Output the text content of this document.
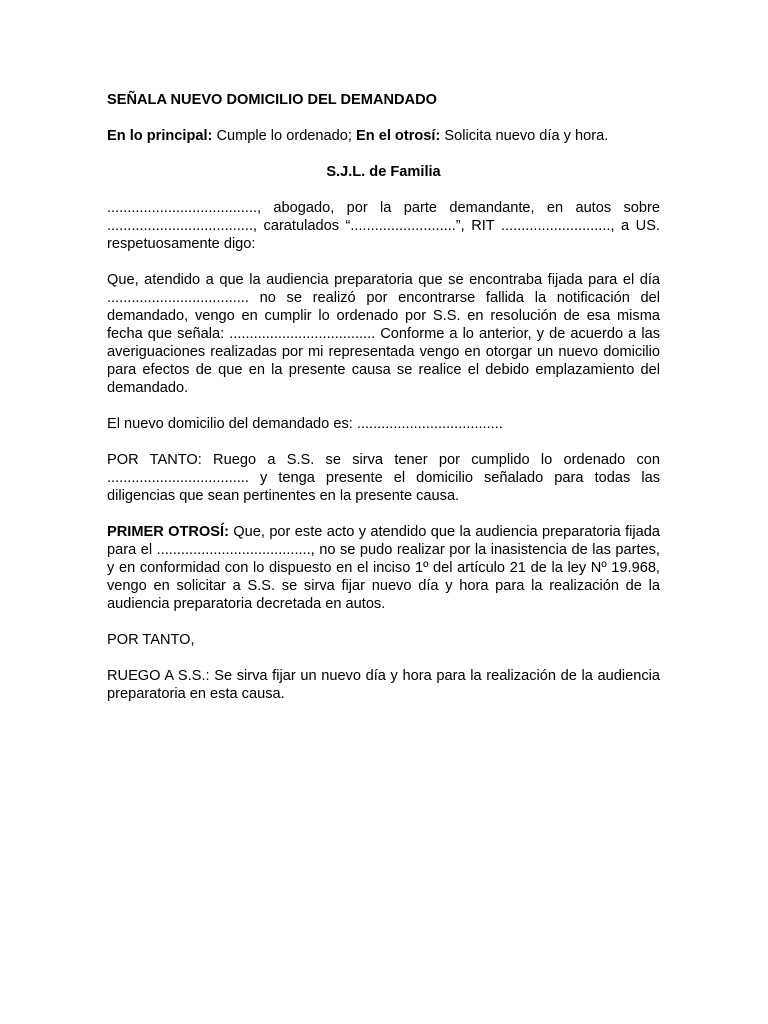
SEÑALA NUEVO DOMICILIO DEL DEMANDADO

En lo principal: Cumple lo ordenado; En el otrosí: Solicita nuevo día y hora.

S.J.L. de Familia

....................................., abogado, por la parte demandante, en autos sobre ...................................., caratulados “..........................”, RIT ..........................., a US. respetuosamente digo:

Que, atendido a que la audiencia preparatoria que se encontraba fijada para el día ................................... no se realizó por encontrarse fallida la notificación del demandado, vengo en cumplir lo ordenado por S.S. en resolución de esa misma fecha que señala: .................................... Conforme a lo anterior, y de acuerdo a las averiguaciones realizadas por mi representada vengo en otorgar un nuevo domicilio para efectos de que en la presente causa se realice el debido emplazamiento del demandado.

El nuevo domicilio del demandado es: ....................................

POR TANTO: Ruego a S.S. se sirva tener por cumplido lo ordenado con ................................... y tenga presente el domicilio señalado para todas las diligencias que sean pertinentes en la presente causa.

PRIMER OTROSÍ: Que, por este acto y atendido que la audiencia preparatoria fijada para el ......................................, no se pudo realizar por la inasistencia de las partes, y en conformidad con lo dispuesto en el inciso 1º del artículo 21 de la ley Nº 19.968, vengo en solicitar a S.S. se sirva fijar nuevo día y hora para la realización de la audiencia preparatoria decretada en autos.

POR TANTO,

RUEGO A S.S.: Se sirva fijar un nuevo día y hora para la realización de la audiencia preparatoria en esta causa.
